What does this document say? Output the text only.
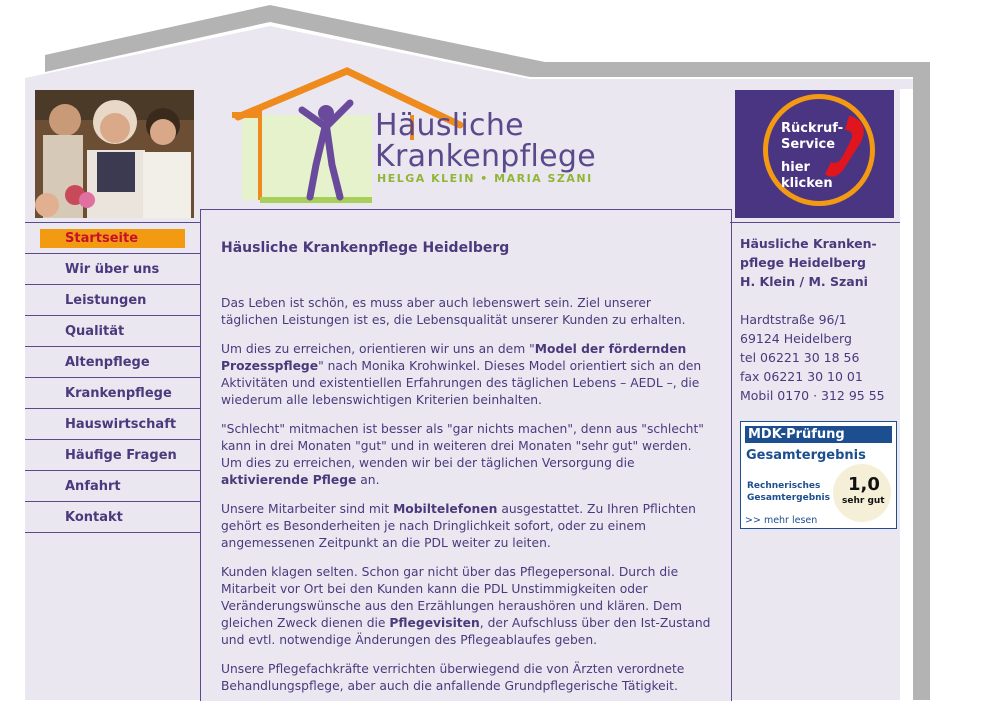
Häusliche
Krankenpflege
HELGA KLEIN • MARIA SZANI
Rückruf-
Service
hier
klicken
Startseite
Wir über uns
Leistungen
Qualität
Altenpflege
Krankenpflege
Hauswirtschaft
Häufige Fragen
Anfahrt
Kontakt
Häusliche Krankenpflege Heidelberg

Das Leben ist schön, es muss aber auch lebenswert sein. Ziel unserer täglichen Leistungen ist es, die Lebensqualität unserer Kunden zu erhalten.

Um dies zu erreichen, orientieren wir uns an dem "Model der fördernden Prozesspflege" nach Monika Krohwinkel. Dieses Model orientiert sich an den Aktivitäten und existentiellen Erfahrungen des täglichen Lebens – AEDL –, die wiederum alle lebenswichtigen Kriterien beinhalten.

"Schlecht" mitmachen ist besser als "gar nichts machen", denn aus "schlecht" kann in drei Monaten "gut" und in weiteren drei Monaten "sehr gut" werden. Um dies zu erreichen, wenden wir bei der täglichen Versorgung die aktivierende Pflege an.

Unsere Mitarbeiter sind mit Mobiltelefonen ausgestattet. Zu Ihren Pflichten gehört es Besonderheiten je nach Dringlichkeit sofort, oder zu einem angemessenen Zeitpunkt an die PDL weiter zu leiten.

Kunden klagen selten. Schon gar nicht über das Pflegepersonal. Durch die Mitarbeit vor Ort bei den Kunden kann die PDL Unstimmigkeiten oder Veränderungswünsche aus den Erzählungen heraushören und klären. Dem gleichen Zweck dienen die Pflegevisiten, der Aufschluss über den Ist-Zustand und evtl. notwendige Änderungen des Pflegeablaufes geben.

Unsere Pflegefachkräfte verrichten überwiegend die von Ärzten verordnete Behandlungspflege, aber auch die anfallende Grundpflegerische Tätigkeit.

Häusliche Kranken-
pflege Heidelberg
H. Klein / M. Szani
Hardtstraße 96/1
69124 Heidelberg
tel 06221 30 18 56
fax 06221 30 10 01
Mobil 0170 · 312 95 55
MDK-Prüfung
Gesamtergebnis
Rechnerisches
Gesamtergebnis
1,0
sehr gut
>> mehr lesen
